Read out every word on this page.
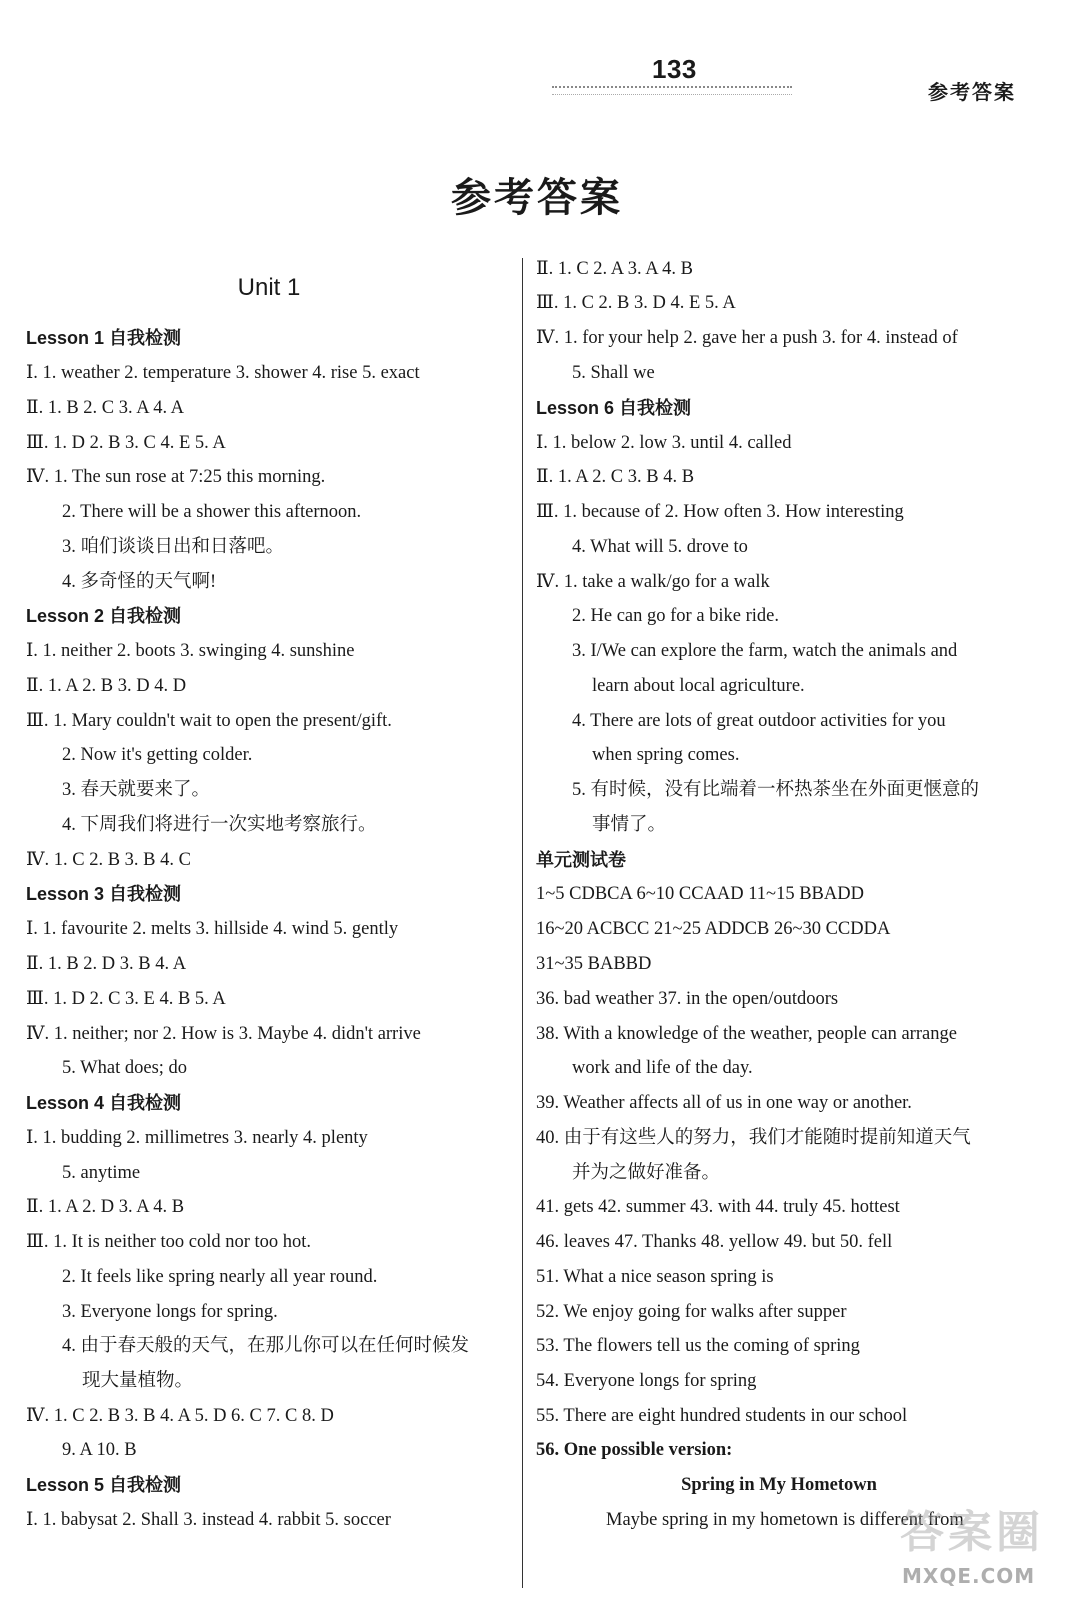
133
参考答案
参考答案
Unit 1
Lesson 1 自我检测
Ⅰ. 1. weather 2. temperature 3. shower 4. rise 5. exact
Ⅱ. 1. B 2. C 3. A 4. A
Ⅲ. 1. D 2. B 3. C 4. E 5. A
Ⅳ. 1. The sun rose at 7:25 this morning.
2. There will be a shower this afternoon.
3. 咱们谈谈日出和日落吧。
4. 多奇怪的天气啊!
Lesson 2 自我检测
Ⅰ. 1. neither 2. boots 3. swinging 4. sunshine
Ⅱ. 1. A 2. B 3. D 4. D
Ⅲ. 1. Mary couldn't wait to open the present/gift.
2. Now it's getting colder.
3. 春天就要来了。
4. 下周我们将进行一次实地考察旅行。
Ⅳ. 1. C 2. B 3. B 4. C
Lesson 3 自我检测
Ⅰ. 1. favourite 2. melts 3. hillside 4. wind 5. gently
Ⅱ. 1. B 2. D 3. B 4. A
Ⅲ. 1. D 2. C 3. E 4. B 5. A
Ⅳ. 1. neither; nor 2. How is 3. Maybe 4. didn't arrive
5. What does; do
Lesson 4 自我检测
Ⅰ. 1. budding 2. millimetres 3. nearly 4. plenty
5. anytime
Ⅱ. 1. A 2. D 3. A 4. B
Ⅲ. 1. It is neither too cold nor too hot.
2. It feels like spring nearly all year round.
3. Everyone longs for spring.
4. 由于春天般的天气，在那儿你可以在任何时候发
现大量植物。
Ⅳ. 1. C 2. B 3. B 4. A 5. D 6. C 7. C 8. D
9. A 10. B
Lesson 5 自我检测
Ⅰ. 1. babysat 2. Shall 3. instead 4. rabbit 5. soccer
Ⅱ. 1. C 2. A 3. A 4. B
Ⅲ. 1. C 2. B 3. D 4. E 5. A
Ⅳ. 1. for your help 2. gave her a push 3. for 4. instead of
5. Shall we
Lesson 6 自我检测
Ⅰ. 1. below 2. low 3. until 4. called
Ⅱ. 1. A 2. C 3. B 4. B
Ⅲ. 1. because of 2. How often 3. How interesting
4. What will 5. drove to
Ⅳ. 1. take a walk/go for a walk
2. He can go for a bike ride.
3. I/We can explore the farm, watch the animals and
learn about local agriculture.
4. There are lots of great outdoor activities for you
when spring comes.
5. 有时候，没有比端着一杯热茶坐在外面更惬意的
事情了。
单元测试卷
1~5 CDBCA 6~10 CCAAD 11~15 BBADD
16~20 ACBCC 21~25 ADDCB 26~30 CCDDA
31~35 BABBD
36. bad weather 37. in the open/outdoors
38. With a knowledge of the weather, people can arrange
work and life of the day.
39. Weather affects all of us in one way or another.
40. 由于有这些人的努力，我们才能随时提前知道天气
并为之做好准备。
41. gets 42. summer 43. with 44. truly 45. hottest
46. leaves 47. Thanks 48. yellow 49. but 50. fell
51. What a nice season spring is
52. We enjoy going for walks after supper
53. The flowers tell us the coming of spring
54. Everyone longs for spring
55. There are eight hundred students in our school
56. One possible version:
Spring in My Hometown
Maybe spring in my hometown is different from
答案圈
MXQE.COM
